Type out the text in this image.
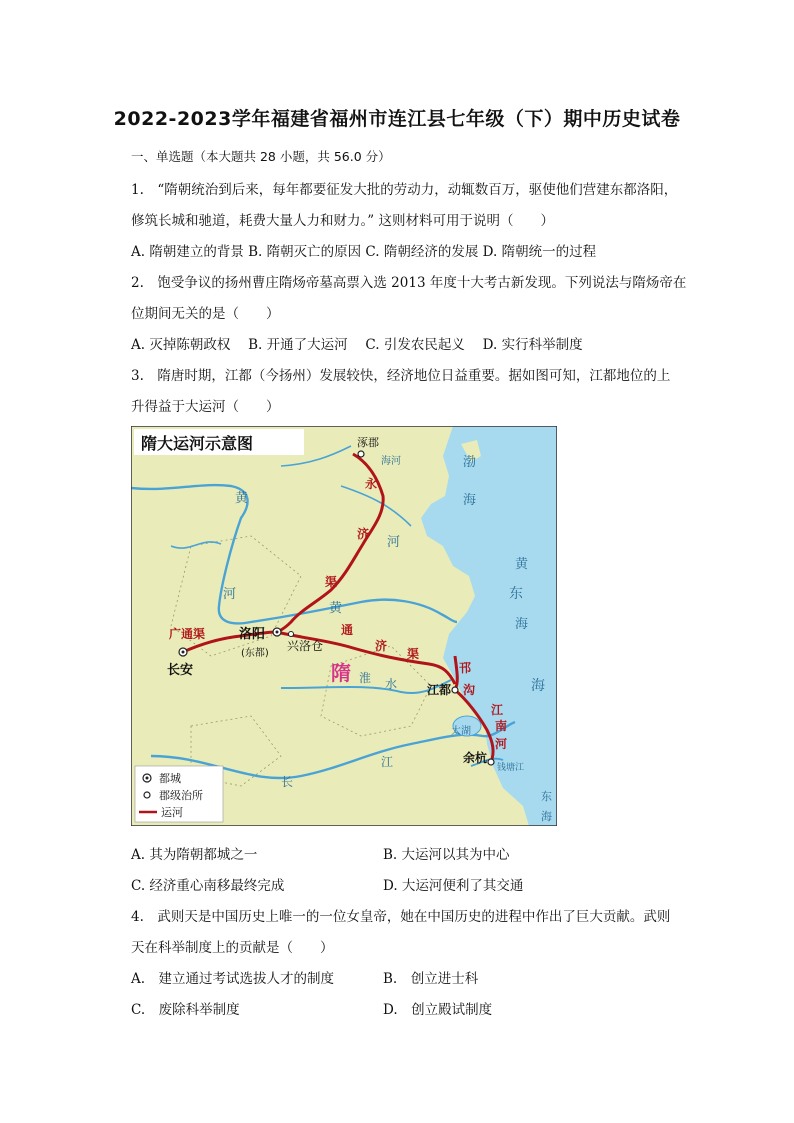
2022-2023学年福建省福州市连江县七年级（下）期中历史试卷
一、单选题（本大题共 28 小题，共 56.0 分）
1.　“隋朝统治到后来，每年都要征发大批的劳动力，动辄数百万，驱使他们营建东都洛阳，
修筑长城和驰道，耗费大量人力和财力。” 这则材料可用于说明（　　）
A. 隋朝建立的背景 B. 隋朝灭亡的原因 C. 隋朝经济的发展 D. 隋朝统一的过程
2.　饱受争议的扬州曹庄隋炀帝墓高票入选 2013 年度十大考古新发现。下列说法与隋炀帝在
位期间无关的是（　　）
A. 灭掉陈朝政权　 B. 开通了大运河　 C. 引发农民起义　 D. 实行科举制度
3.　隋唐时期，江都（今扬州）发展较快，经济地位日益重要。据如图可知，江都地位的上
升得益于大运河（　　）
隋大运河示意图	涿郡
海河	渤
海
黄
海
东
海
东
海
黄
河
黄
河
淮 水
长
江
太湖
钱塘江
永
济
渠
通
济
渠
邗
沟
江
南
河
广通渠	洛阳
(东都)
兴洛仓
长安
江都
余杭
隋
都城
郡级治所
运河
A. 其为隋朝都城之一	B. 大运河以其为中心
C. 经济重心南移最终完成	D. 大运河便利了其交通
4.　武则天是中国历史上唯一的一位女皇帝，她在中国历史的进程中作出了巨大贡献。武则
天在科举制度上的贡献是（　　）
A.　建立通过考试选拔人才的制度	B.　创立进士科
C.　废除科举制度	D.　创立殿试制度
